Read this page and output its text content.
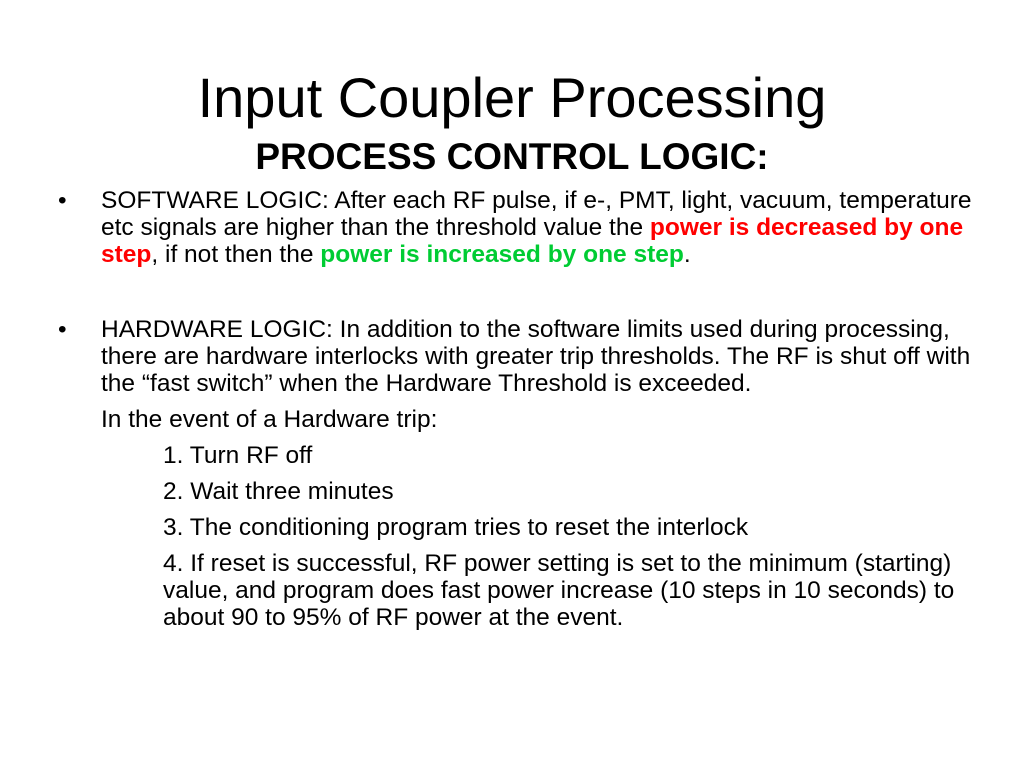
Input Coupler Processing
PROCESS CONTROL LOGIC:
• SOFTWARE LOGIC: After each RF pulse, if e-, PMT, light, vacuum, temperature etc signals are higher than the threshold value the power is decreased by one step, if not then the power is increased by one step.
• HARDWARE LOGIC: In addition to the software limits used during processing, there are hardware interlocks with greater trip thresholds. The RF is shut off with the “fast switch” when the Hardware Threshold is exceeded.
In the event of a Hardware trip:
1. Turn RF off
2. Wait three minutes
3. The conditioning program tries to reset the interlock
4. If reset is successful, RF power setting is set to the minimum (starting) value, and program does fast power increase (10 steps in 10 seconds) to about 90 to 95% of RF power at the event.
